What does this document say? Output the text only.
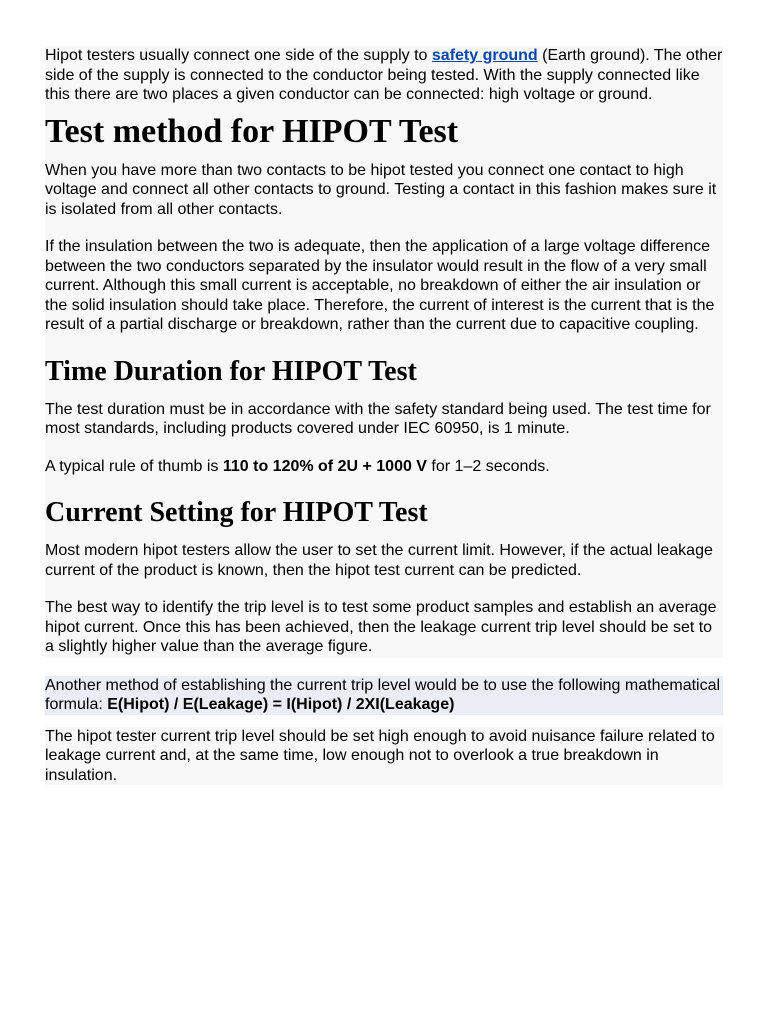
Hipot testers usually connect one side of the supply to safety ground (Earth ground). The other side of the supply is connected to the conductor being tested. With the supply connected like this there are two places a given conductor can be connected: high voltage or ground.

Test method for HIPOT Test

When you have more than two contacts to be hipot tested you connect one contact to high voltage and connect all other contacts to ground. Testing a contact in this fashion makes sure it is isolated from all other contacts.

If the insulation between the two is adequate, then the application of a large voltage difference between the two conductors separated by the insulator would result in the flow of a very small current. Although this small current is acceptable, no breakdown of either the air insulation or the solid insulation should take place. Therefore, the current of interest is the current that is the result of a partial discharge or breakdown, rather than the current due to capacitive coupling.

Time Duration for HIPOT Test

The test duration must be in accordance with the safety standard being used. The test time for most standards, including products covered under IEC 60950, is 1 minute.

A typical rule of thumb is 110 to 120% of 2U + 1000 V for 1–2 seconds.

Current Setting for HIPOT Test

Most modern hipot testers allow the user to set the current limit. However, if the actual leakage current of the product is known, then the hipot test current can be predicted.

The best way to identify the trip level is to test some product samples and establish an average hipot current. Once this has been achieved, then the leakage current trip level should be set to a slightly higher value than the average figure.

Another method of establishing the current trip level would be to use the following mathematical formula: E(Hipot) / E(Leakage) = I(Hipot) / 2XI(Leakage)

The hipot tester current trip level should be set high enough to avoid nuisance failure related to leakage current and, at the same time, low enough not to overlook a true breakdown in insulation.
